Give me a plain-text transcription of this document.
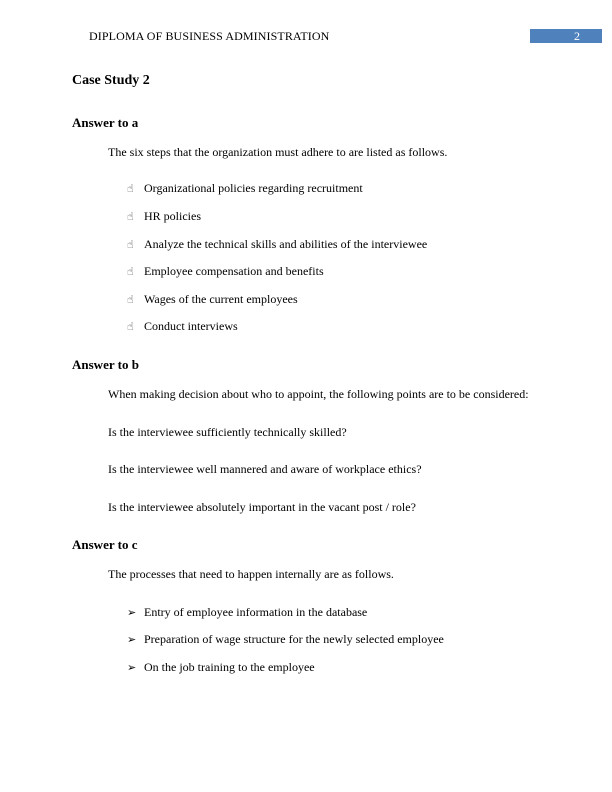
DIPLOMA OF BUSINESS ADMINISTRATION	2
Case Study 2
Answer to a
The six steps that the organization must adhere to are listed as follows.
☝ Organizational policies regarding recruitment
☝ HR policies
☝ Analyze the technical skills and abilities of the interviewee
☝ Employee compensation and benefits
☝ Wages of the current employees
☝ Conduct interviews
Answer to b
When making decision about who to appoint, the following points are to be considered:
Is the interviewee sufficiently technically skilled?
Is the interviewee well mannered and aware of workplace ethics?
Is the interviewee absolutely important in the vacant post / role?
Answer to c
The processes that need to happen internally are as follows.
➢ Entry of employee information in the database
➢ Preparation of wage structure for the newly selected employee
➢ On the job training to the employee
